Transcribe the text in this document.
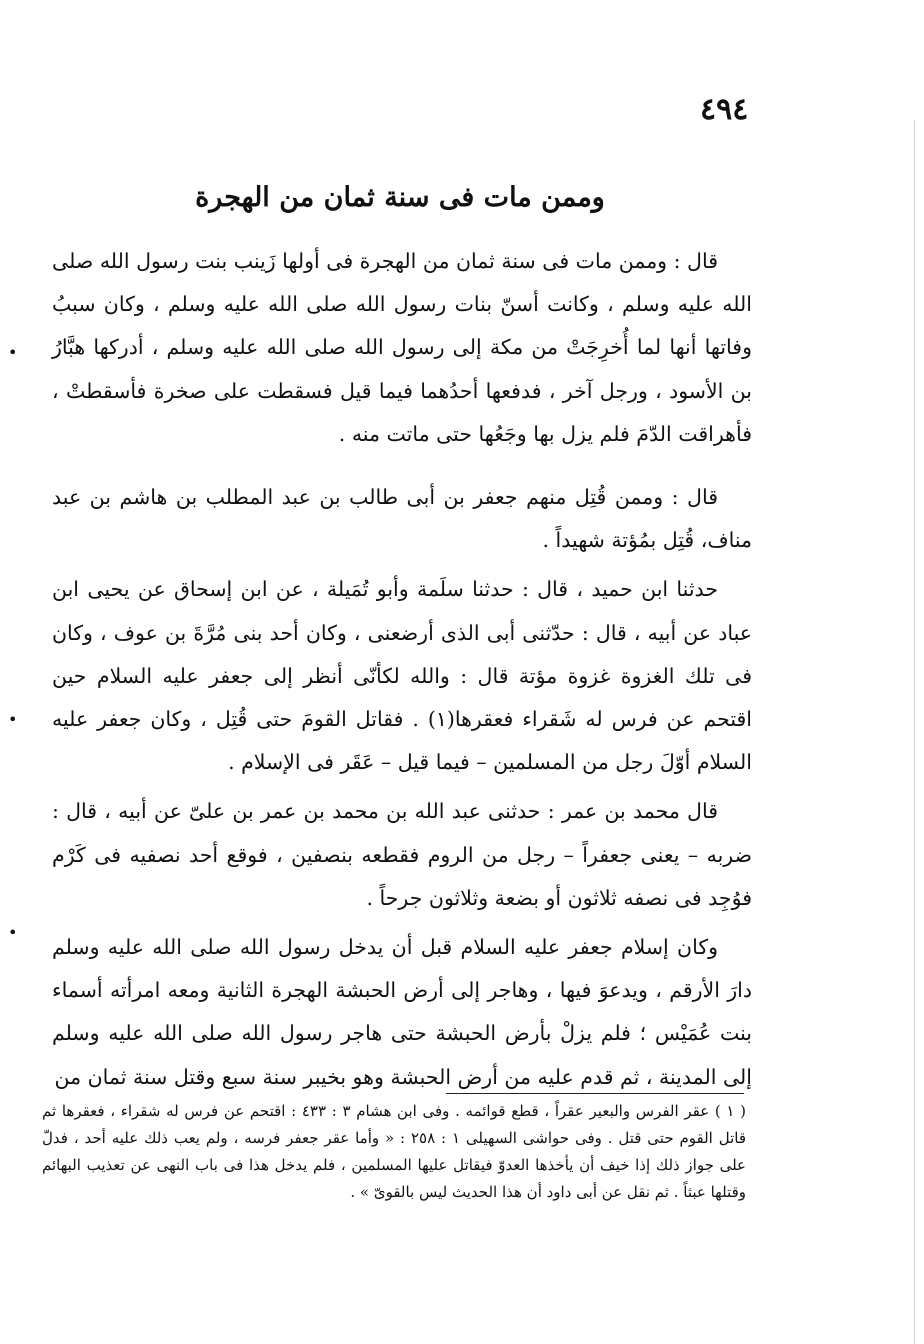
٤٩٤
وممن مات فى سنة ثمان من الهجرة

قال : وممن مات فى سنة ثمان من الهجرة فى أولها زَينب بنت رسول الله صلى الله عليه وسلم ، وكانت أسنّ بنات رسول الله صلى الله عليه وسلم ، وكان سببُ وفاتها أنها لما أُخرِجَتْ من مكة إلى رسول الله صلى الله عليه وسلم ، أدركها هبَّارُ بن الأسود ، ورجل آخر ، فدفعها أحدُهما فيما قيل فسقطت على صخرة فأسقطتْ ، فأهراقت الدّمَ فلم يزل بها وجَعُها حتى ماتت منه .

قال : وممن قُتِل منهم جعفر بن أبى طالب بن عبد المطلب بن هاشم بن عبد مناف، قُتِل بمُؤتة شهيداً .

حدثنا ابن حميد ، قال : حدثنا سلَمة وأبو تُمَيلة ، عن ابن إسحاق عن يحيى ابن عباد عن أبيه ، قال : حدّثنى أبى الذى أرضعنى ، وكان أحد بنى مُرَّةَ بن عوف ، وكان فى تلك الغزوة غزوة مؤتة قال : والله لكأنّى أنظر إلى جعفر عليه السلام حين اقتحم عن فرس له شَقراء فعقرها(١) . فقاتل القومَ حتى قُتِل ، وكان جعفر عليه السلام أوّلَ رجل من المسلمين – فيما قيل – عَقَر فى الإسلام .

قال محمد بن عمر : حدثنى عبد الله بن محمد بن عمر بن علىّ عن أبيه ، قال : ضربه – يعنى جعفراً – رجل من الروم فقطعه بنصفين ، فوقع أحد نصفيه فى كَرْم فوُجِد فى نصفه ثلاثون أو بضعة وثلاثون جرحاً .

وكان إسلام جعفر عليه السلام قبل أن يدخل رسول الله صلى الله عليه وسلم دارَ الأرقم ، ويدعوَ فيها ، وهاجر إلى أرض الحبشة الهجرة الثانية ومعه امرأته أسماء بنت عُمَيْس ؛ فلم يزلْ بأرض الحبشة حتى هاجر رسول الله صلى الله عليه وسلم إلى المدينة ، ثم قدم عليه من أرض الحبشة وهو بخيبر سنة سبع وقتل سنة ثمان من

•
•
•

( ١ ) عقر الفرس والبعير عقراً ، قطع قوائمه . وفى ابن هشام ٣ : ٤٣٣ : اقتحم عن فرس له شقراء ، فعقرها ثم قاتل القوم حتى قتل . وفى حواشى السهيلى ١ : ٢٥٨ : « وأما عقر جعفر فرسه ، ولم يعب ذلك عليه أحد ، فدلّ على جواز ذلك إذا خيف أن يأخذها العدوّ فيقاتل عليها المسلمين ، فلم يدخل هذا فى باب النهى عن تعذيب البهائم وقتلها عبثاً . ثم نقل عن أبى داود أن هذا الحديث ليس بالقوىّ » .
